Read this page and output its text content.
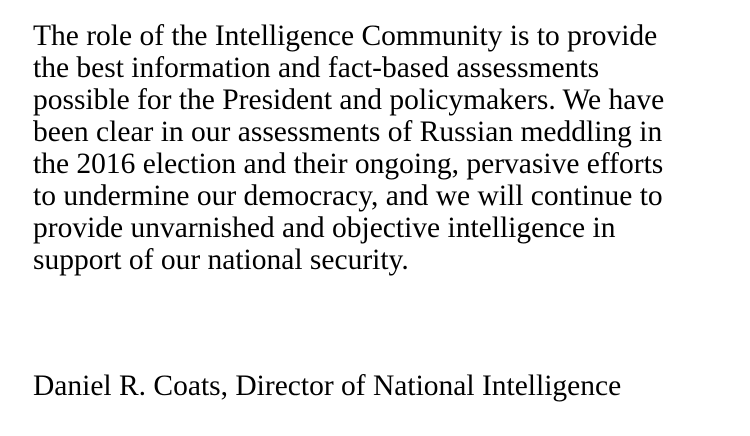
The role of the Intelligence Community is to provide
the best information and fact-based assessments
possible for the President and policymakers. We have
been clear in our assessments of Russian meddling in
the 2016 election and their ongoing, pervasive efforts
to undermine our democracy, and we will continue to
provide unvarnished and objective intelligence in
support of our national security.

Daniel R. Coats, Director of National Intelligence
